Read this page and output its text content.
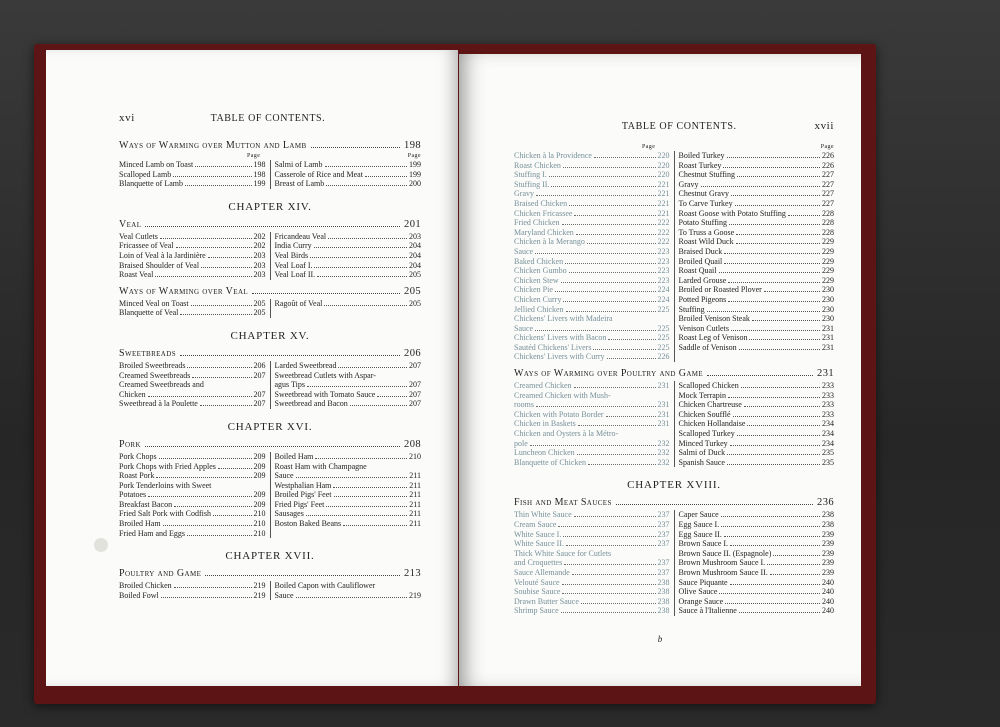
xvi	TABLE OF CONTENTS.
Ways of Warming over Mutton and Lamb	198
Page	Page
Minced Lamb on Toast	198
Scalloped Lamb	198
Blanquette of Lamb	199
Salmi of Lamb	199
Casserole of Rice and Meat	199
Breast of Lamb	200
CHAPTER XIV.
Veal	201
Veal Cutlets	202
Fricassee of Veal	202
Loin of Veal à la Jardinière	203
Braised Shoulder of Veal	203
Roast Veal	203
Fricandeau Veal	203
India Curry	204
Veal Birds	204
Veal Loaf I.	204
Veal Loaf II.	205
Ways of Warming over Veal	205
Minced Veal on Toast	205
Blanquette of Veal	205
Ragoût of Veal	205
CHAPTER XV.
Sweetbreads	206
Broiled Sweetbreads	206
Creamed Sweetbreads	207
Creamed Sweetbreads and
Chicken	207
Sweetbread à la Poulette	207
Larded Sweetbread	207
Sweetbread Cutlets with Aspar-
agus Tips	207
Sweetbread with Tomato Sauce	207
Sweetbread and Bacon	207
CHAPTER XVI.
Pork	208
Pork Chops	209
Pork Chops with Fried Apples	209
Roast Pork	209
Pork Tenderloins with Sweet
Potatoes	209
Breakfast Bacon	209
Fried Salt Pork with Codfish	210
Broiled Ham	210
Fried Ham and Eggs	210
Boiled Ham	210
Roast Ham with Champagne
Sauce	211
Westphalian Ham	211
Broiled Pigs' Feet	211
Fried Pigs' Feet	211
Sausages	211
Boston Baked Beans	211
CHAPTER XVII.
Poultry and Game	213
Broiled Chicken	219
Boiled Fowl	219
Boiled Capon with Cauliflower
Sauce	219
TABLE OF CONTENTS.	xvii
Page	Page
Chicken à la Providence	220
Roast Chicken	220
Stuffing I.	220
Stuffing II.	221
Gravy	221
Braised Chicken	221
Chicken Fricassee	221
Fried Chicken	222
Maryland Chicken	222
Chicken à la Merango	222
Sauce	223
Baked Chicken	223
Chicken Gumbo	223
Chicken Stew	223
Chicken Pie	224
Chicken Curry	224
Jellied Chicken	225
Chickens' Livers with Madeira
Sauce	225
Chickens' Livers with Bacon	225
Sautéd Chickens' Livers	225
Chickens' Livers with Curry	226
Boiled Turkey	226
Roast Turkey	226
Chestnut Stuffing	227
Gravy	227
Chestnut Gravy	227
To Carve Turkey	227
Roast Goose with Potato Stuffing	228
Potato Stuffing	228
To Truss a Goose	228
Roast Wild Duck	229
Braised Duck	229
Broiled Quail	229
Roast Quail	229
Larded Grouse	229
Broiled or Roasted Plover	230
Potted Pigeons	230
Stuffing	230
Broiled Venison Steak	230
Venison Cutlets	231
Roast Leg of Venison	231
Saddle of Venison	231
Ways of Warming over Poultry and Game	231
Creamed Chicken	231
Creamed Chicken with Mush-
rooms	231
Chicken with Potato Border	231
Chicken in Baskets	231
Chicken and Oysters à la Métro-
pole	232
Luncheon Chicken	232
Blanquette of Chicken	232
Scalloped Chicken	233
Mock Terrapin	233
Chicken Chartreuse	233
Chicken Soufflé	233
Chicken Hollandaise	234
Scalloped Turkey	234
Minced Turkey	234
Salmi of Duck	235
Spanish Sauce	235
CHAPTER XVIII.
Fish and Meat Sauces	236
Thin White Sauce	237
Cream Sauce	237
White Sauce I.	237
White Sauce II.	237
Thick White Sauce for Cutlets
and Croquettes	237
Sauce Allemande	237
Velouté Sauce	238
Soubise Sauce	238
Drawn Butter Sauce	238
Shrimp Sauce	238
Caper Sauce	238
Egg Sauce I.	238
Egg Sauce II.	239
Brown Sauce I.	239
Brown Sauce II. (Espagnole)	239
Brown Mushroom Sauce I.	239
Brown Mushroom Sauce II.	239
Sauce Piquante	240
Olive Sauce	240
Orange Sauce	240
Sauce à l'Italienne	240
b
